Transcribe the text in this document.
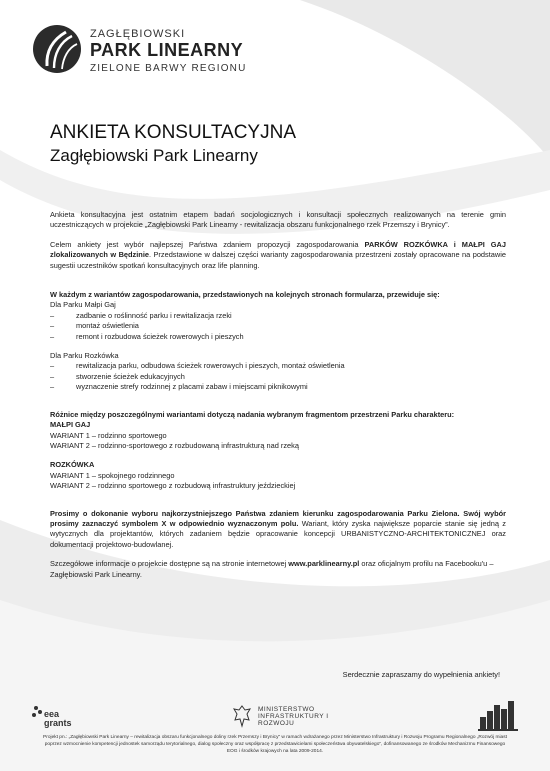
ZAGŁĘBIOWSKI
PARK LINEARNY
ZIELONE BARWY REGIONU
ANKIETA KONSULTACYJNA
Zagłębiowski Park Linearny

Ankieta konsultacyjna jest ostatnim etapem badań socjologicznych i konsultacji społecznych realizowanych na terenie gmin uczestniczących w projekcie „Zagłębiowski Park Linearny - rewitalizacja obszaru funkcjonalnego rzek Przemszy i Brynicy”.

Celem ankiety jest wybór najlepszej Państwa zdaniem propozycji zagospodarowania PARKÓW ROZKÓWKA i MAŁPI GAJ zlokalizowanych w Będzinie. Przedstawione w dalszej części warianty zagospodarowania przestrzeni zostały opracowane na podstawie sugestii uczestników spotkań konsultacyjnych oraz life planning.

W każdym z wariantów zagospodarowania, przedstawionych na kolejnych stronach formularza, przewiduje się:

Dla Parku Małpi Gaj

–	zadbanie o roślinność parku i rewitalizacja rzeki
–	montaż oświetlenia
–	remont i rozbudowa ścieżek rowerowych i pieszych

Dla Parku Rozkówka

–	rewitalizacja parku, odbudowa ścieżek rowerowych i pieszych, montaż oświetlenia
–	stworzenie ścieżek edukacyjnych
–	wyznaczenie strefy rodzinnej z placami zabaw i miejscami piknikowymi

Różnice między poszczególnymi wariantami dotyczą nadania wybranym fragmentom przestrzeni Parku charakteru:

MAŁPI GAJ

WARIANT 1 – rodzinno sportowego

WARIANT 2 – rodzinno-sportowego z rozbudowaną infrastrukturą nad rzeką

ROZKÓWKA

WARIANT 1 – spokojnego rodzinnego

WARIANT 2 – rodzinno sportowego z rozbudową infrastruktury jeździeckiej

Prosimy o dokonanie wyboru najkorzystniejszego Państwa zdaniem kierunku zagospodarowania Parku Zielona. Swój wybór prosimy zaznaczyć symbolem X w odpowiednio wyznaczonym polu. Wariant, który zyska największe poparcie stanie się jedną z wytycznych dla projektantów, których zadaniem będzie opracowanie koncepcji URBANISTYCZNO-ARCHITEKTONICZNEJ oraz dokumentacji projektowo-budowlanej.

Szczegółowe informacje o projekcie dostępne są na stronie internetowej www.parklinearny.pl oraz oficjalnym profilu na Facebooku'u – Zagłębiowski Park Linearny.

Serdecznie zapraszamy do wypełnienia ankiety!
eea
grants
MINISTERSTWO INFRASTRUKTURY I ROZWOJU
Projekt pn.: „Zagłębiowski Park Linearny – rewitalizacja obszaru funkcjonalnego doliny rzek Przemszy i Brynicy” w ramach wdrażanego przez Ministerstwo Infrastruktury i Rozwoju Programu Regionalnego „Rozwój miast poprzez wzmocnienie kompetencji jednostek samorządu terytorialnego, dialog społeczny oraz współpracę z przedstawicielami społeczeństwa obywatelskiego”, dofinansowanego ze środków Mechanizmu Finansowego EOG i środków krajowych na lata 2009-2014.
